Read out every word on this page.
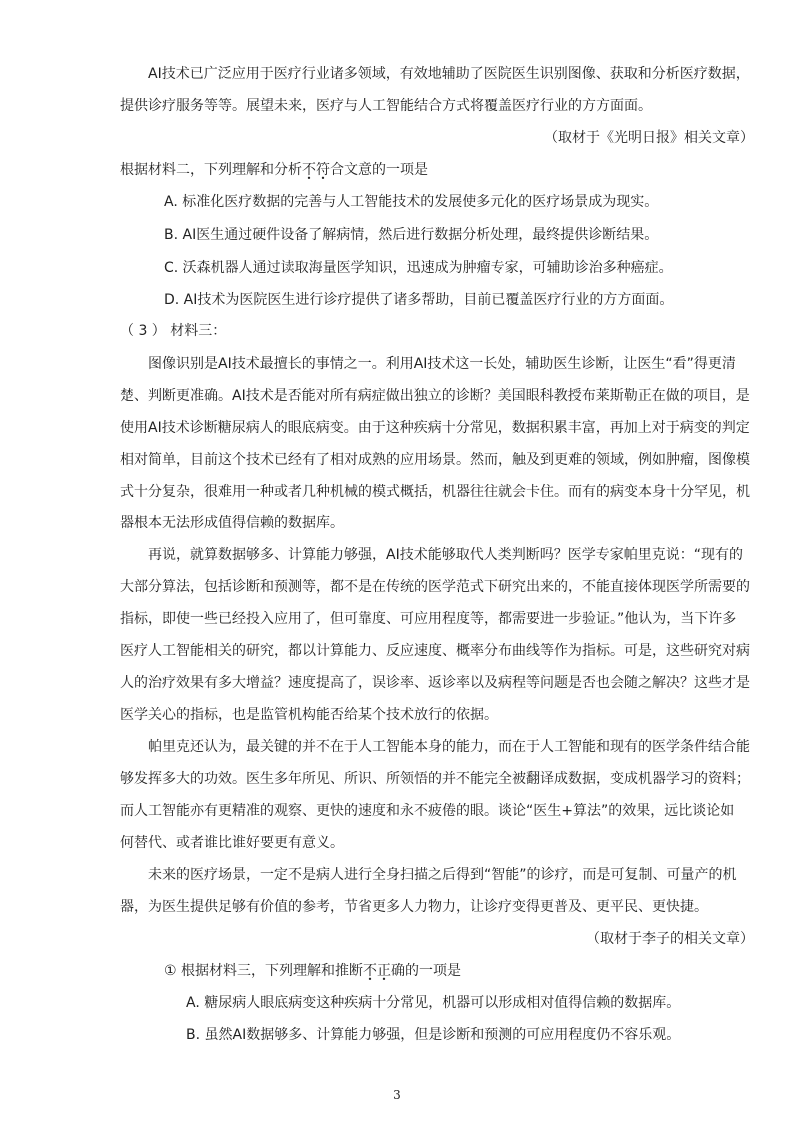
AI技术已广泛应用于医疗行业诸多领域，有效地辅助了医院医生识别图像、获取和分析医疗数据，
提供诊疗服务等等。展望未来，医疗与人工智能结合方式将覆盖医疗行业的方方面面。
（取材于《光明日报》相关文章）
根据材料二，下列理解和分析不符合文意的一项是
A. 标准化医疗数据的完善与人工智能技术的发展使多元化的医疗场景成为现实。
B. AI医生通过硬件设备了解病情，然后进行数据分析处理，最终提供诊断结果。
C. 沃森机器人通过读取海量医学知识，迅速成为肿瘤专家，可辅助诊治多种癌症。
D. AI技术为医院医生进行诊疗提供了诸多帮助，目前已覆盖医疗行业的方方面面。
（ 3 ） 材料三：
图像识别是AI技术最擅长的事情之一。利用AI技术这一长处，辅助医生诊断，让医生“看”得更清
楚、判断更准确。AI技术是否能对所有病症做出独立的诊断？美国眼科教授布莱斯勒正在做的项目，是
使用AI技术诊断糖尿病人的眼底病变。由于这种疾病十分常见，数据积累丰富，再加上对于病变的判定
相对简单，目前这个技术已经有了相对成熟的应用场景。然而，触及到更难的领域，例如肿瘤，图像模
式十分复杂，很难用一种或者几种机械的模式概括，机器往往就会卡住。而有的病变本身十分罕见，机
器根本无法形成值得信赖的数据库。
再说，就算数据够多、计算能力够强，AI技术能够取代人类判断吗？医学专家帕里克说：“现有的
大部分算法，包括诊断和预测等，都不是在传统的医学范式下研究出来的，不能直接体现医学所需要的
指标，即使一些已经投入应用了，但可靠度、可应用程度等，都需要进一步验证。”他认为，当下许多
医疗人工智能相关的研究，都以计算能力、反应速度、概率分布曲线等作为指标。可是，这些研究对病
人的治疗效果有多大增益？速度提高了，误诊率、返诊率以及病程等问题是否也会随之解决？这些才是
医学关心的指标，也是监管机构能否给某个技术放行的依据。
帕里克还认为，最关键的并不在于人工智能本身的能力，而在于人工智能和现有的医学条件结合能
够发挥多大的功效。医生多年所见、所识、所领悟的并不能完全被翻译成数据，变成机器学习的资料；
而人工智能亦有更精准的观察、更快的速度和永不疲倦的眼。谈论“医生+算法”的效果，远比谈论如
何替代、或者谁比谁好要更有意义。
未来的医疗场景，一定不是病人进行全身扫描之后得到“智能”的诊疗，而是可复制、可量产的机
器，为医生提供足够有价值的参考，节省更多人力物力，让诊疗变得更普及、更平民、更快捷。
（取材于李子的相关文章）
① 根据材料三，下列理解和推断不正确的一项是
A. 糖尿病人眼底病变这种疾病十分常见，机器可以形成相对值得信赖的数据库。
B. 虽然AI数据够多、计算能力够强，但是诊断和预测的可应用程度仍不容乐观。
3
